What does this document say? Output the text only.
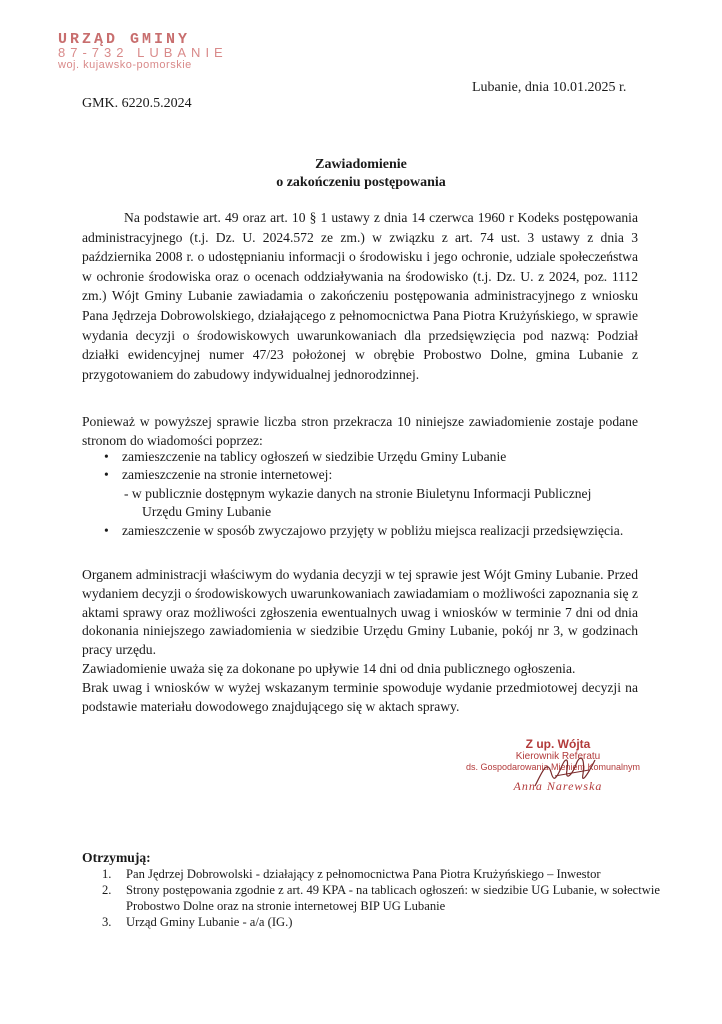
URZĄD GMINY
87-732 LUBANIE
woj. kujawsko-pomorskie
Lubanie, dnia 10.01.2025 r.
GMK. 6220.5.2024
Zawiadomienie
o zakończeniu postępowania
Na podstawie art. 49 oraz art. 10 § 1 ustawy z dnia 14 czerwca 1960 r Kodeks postępowania administracyjnego (t.j. Dz. U. 2024.572 ze zm.) w związku z art. 74 ust. 3 ustawy z dnia 3 października 2008 r. o udostępnianiu informacji o środowisku i jego ochronie, udziale społeczeństwa w ochronie środowiska oraz o ocenach oddziaływania na środowisko (t.j. Dz. U. z 2024, poz. 1112 zm.) Wójt Gminy Lubanie zawiadamia o zakończeniu postępowania administracyjnego z wniosku Pana Jędrzeja Dobrowolskiego, działającego z pełnomocnictwa Pana Piotra Krużyńskiego, w sprawie wydania decyzji o środowiskowych uwarunkowaniach dla przedsięwzięcia pod nazwą: Podział działki ewidencyjnej numer 47/23 położonej w obrębie Probostwo Dolne, gmina Lubanie z przygotowaniem do zabudowy indywidualnej jednorodzinnej.
Ponieważ w powyższej sprawie liczba stron przekracza 10 niniejsze zawiadomienie zostaje podane stronom do wiadomości poprzez:
• zamieszczenie na tablicy ogłoszeń w siedzibie Urzędu Gminy Lubanie
• zamieszczenie na stronie internetowej:
- w publicznie dostępnym wykazie danych na stronie Biuletynu Informacji Publicznej
Urzędu Gminy Lubanie
• zamieszczenie w sposób zwyczajowo przyjęty w pobliżu miejsca realizacji przedsięwzięcia.
Organem administracji właściwym do wydania decyzji w tej sprawie jest Wójt Gminy Lubanie. Przed wydaniem decyzji o środowiskowych uwarunkowaniach zawiadamiam o możliwości zapoznania się z aktami sprawy oraz możliwości zgłoszenia ewentualnych uwag i wniosków w terminie 7 dni od dnia dokonania niniejszego zawiadomienia w siedzibie Urzędu Gminy Lubanie, pokój nr 3, w godzinach pracy urzędu.
Zawiadomienie uważa się za dokonane po upływie 14 dni od dnia publicznego ogłoszenia.
Brak uwag i wniosków w wyżej wskazanym terminie spowoduje wydanie przedmiotowej decyzji na podstawie materiału dowodowego znajdującego się w aktach sprawy.
Z up. Wójta
Kierownik Referatu
ds. Gospodarowania Mieniem Komunalnym
Anna Narewska
Otrzymują:
1. Pan Jędrzej Dobrowolski - działający z pełnomocnictwa Pana Piotra Krużyńskiego – Inwestor
2. Strony postępowania zgodnie z art. 49 KPA - na tablicach ogłoszeń: w siedzibie UG Lubanie, w sołectwie Probostwo Dolne oraz na stronie internetowej BIP UG Lubanie
3. Urząd Gminy Lubanie - a/a (IG.)
